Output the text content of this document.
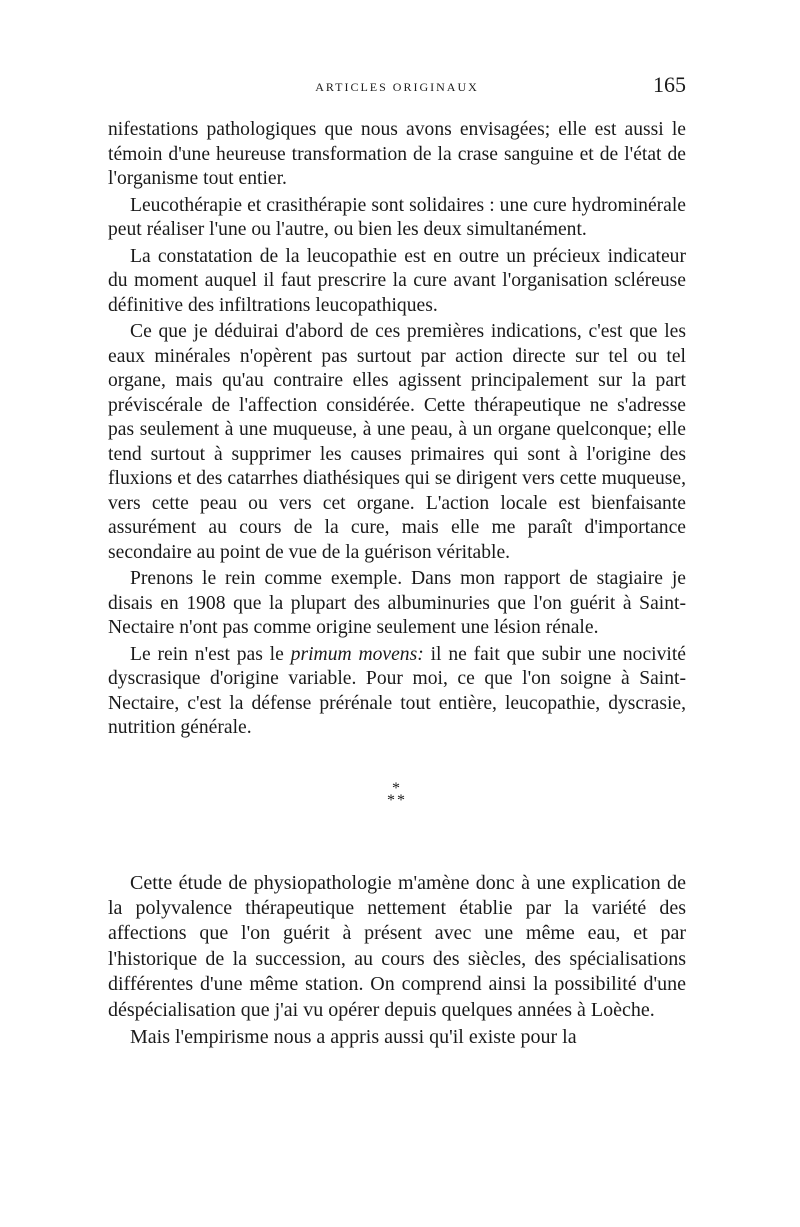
ARTICLES ORIGINAUX	165

nifestations pathologiques que nous avons envisagées; elle est aussi le témoin d'une heureuse transformation de la crase sanguine et de l'état de l'organisme tout entier.

Leucothérapie et crasithérapie sont solidaires : une cure hydrominérale peut réaliser l'une ou l'autre, ou bien les deux simultanément.

La constatation de la leucopathie est en outre un précieux indicateur du moment auquel il faut prescrire la cure avant l'organisation scléreuse définitive des infiltrations leucopathiques.

Ce que je déduirai d'abord de ces premières indications, c'est que les eaux minérales n'opèrent pas surtout par action directe sur tel ou tel organe, mais qu'au contraire elles agissent principalement sur la part préviscérale de l'affection considérée. Cette thérapeutique ne s'adresse pas seulement à une muqueuse, à une peau, à un organe quelconque; elle tend surtout à supprimer les causes primaires qui sont à l'origine des fluxions et des catarrhes diathésiques qui se dirigent vers cette muqueuse, vers cette peau ou vers cet organe. L'action locale est bienfaisante assurément au cours de la cure, mais elle me paraît d'importance secondaire au point de vue de la guérison véritable.

Prenons le rein comme exemple. Dans mon rapport de stagiaire je disais en 1908 que la plupart des albuminuries que l'on guérit à Saint-Nectaire n'ont pas comme origine seulement une lésion rénale.

Le rein n'est pas le primum movens: il ne fait que subir une nocivité dyscrasique d'origine variable. Pour moi, ce que l'on soigne à Saint-Nectaire, c'est la défense prérénale tout entière, leucopathie, dyscrasie, nutrition générale.

*
**

Cette étude de physiopathologie m'amène donc à une explication de la polyvalence thérapeutique nettement établie par la variété des affections que l'on guérit à présent avec une même eau, et par l'historique de la succession, au cours des siècles, des spécialisations différentes d'une même station. On comprend ainsi la possibilité d'une déspécialisation que j'ai vu opérer depuis quelques années à Loèche.

Mais l'empirisme nous a appris aussi qu'il existe pour la
